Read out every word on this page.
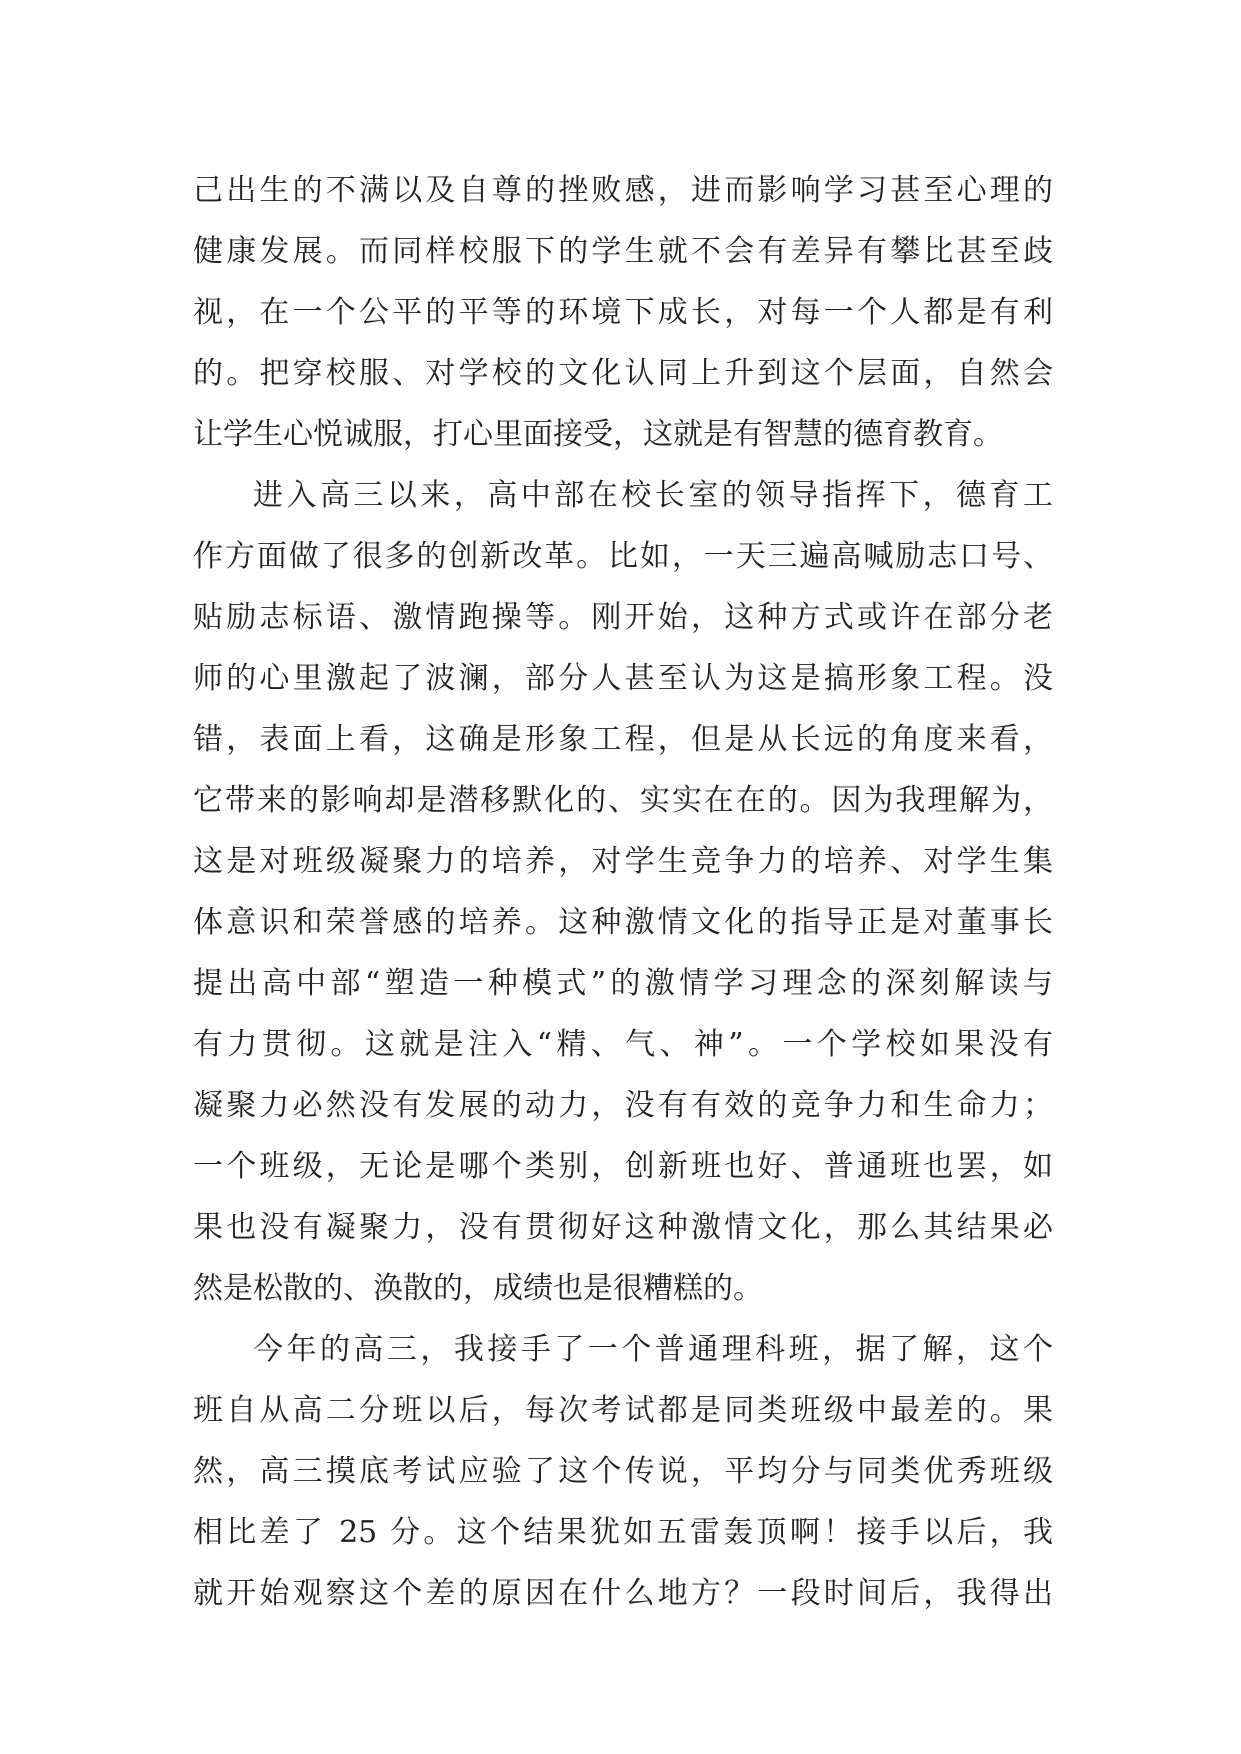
己出生的不满以及自尊的挫败感，进而影响学习甚至心理的
健康发展。而同样校服下的学生就不会有差异有攀比甚至歧
视，在一个公平的平等的环境下成长，对每一个人都是有利
的。把穿校服、对学校的文化认同上升到这个层面，自然会
让学生心悦诚服，打心里面接受，这就是有智慧的德育教育。
进入高三以来，高中部在校长室的领导指挥下，德育工
作方面做了很多的创新改革。比如，一天三遍高喊励志口号、
贴励志标语、激情跑操等。刚开始，这种方式或许在部分老
师的心里激起了波澜，部分人甚至认为这是搞形象工程。没
错，表面上看，这确是形象工程，但是从长远的角度来看，
它带来的影响却是潜移默化的、实实在在的。因为我理解为，
这是对班级凝聚力的培养，对学生竞争力的培养、对学生集
体意识和荣誉感的培养。这种激情文化的指导正是对董事长
提出高中部“塑造一种模式”的激情学习理念的深刻解读与
有力贯彻。这就是注入“精、气、神”。一个学校如果没有
凝聚力必然没有发展的动力，没有有效的竞争力和生命力；
一个班级，无论是哪个类别，创新班也好、普通班也罢，如
果也没有凝聚力，没有贯彻好这种激情文化，那么其结果必
然是松散的、涣散的，成绩也是很糟糕的。
今年的高三，我接手了一个普通理科班，据了解，这个
班自从高二分班以后，每次考试都是同类班级中最差的。果
然，高三摸底考试应验了这个传说，平均分与同类优秀班级
相比差了 25 分。这个结果犹如五雷轰顶啊！接手以后，我
就开始观察这个差的原因在什么地方？一段时间后，我得出
